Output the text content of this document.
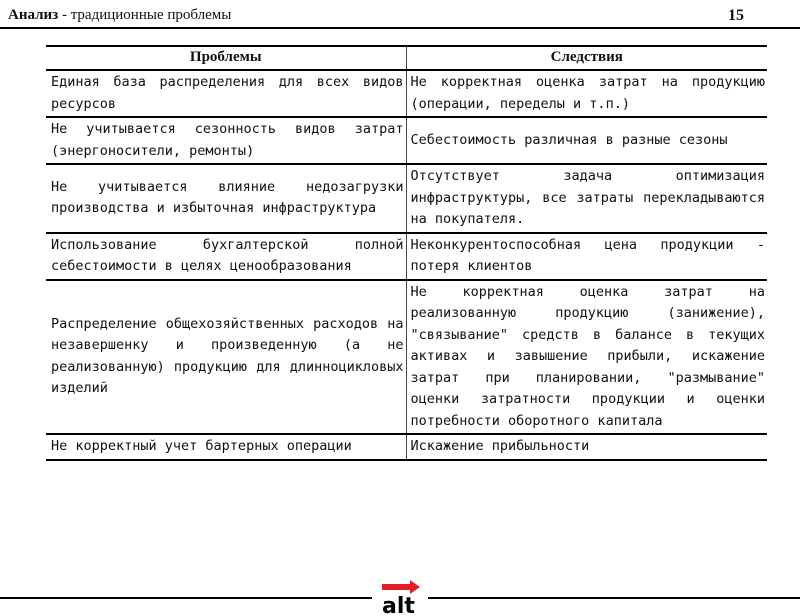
Анализ - традиционные проблемы	15
Проблемы	Следствия
Единая база распределения для всех видов ресурсов	Не корректная оценка затрат на продукцию (операции, переделы и т.п.)
Не учитывается сезонность видов затрат (энергоносители, ремонты)	Себестоимость различная в разные сезоны
Не учитывается влияние недозагрузки производства и избыточная инфраструктура	Отсутствует задача оптимизация инфраструктуры, все затраты перекладываются на покупателя.
Использование бухгалтерской полной себестоимости в целях ценообразования	Неконкурентоспособная цена продукции - потеря клиентов
Распределение общехозяйственных расходов на незавершенку и произведенную (а не реализованную) продукцию для длинноцикловых изделий	Не корректная оценка затрат на реализованную продукцию (занижение), "связывание" средств в балансе в текущих активах и завышение прибыли, искажение затрат при планировании, "размывание" оценки затратности продукции и оценки потребности оборотного капитала
Не корректный учет бартерных операции	Искажение прибыльности
alt
